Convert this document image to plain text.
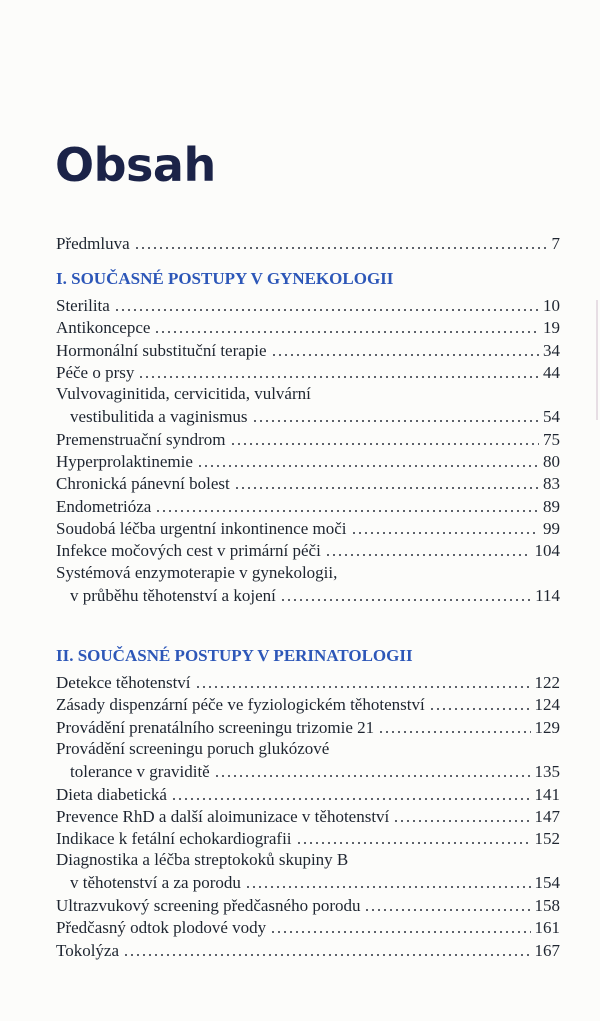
Obsah
Předmluva	7
I. SOUČASNÉ POSTUPY V GYNEKOLOGII
Sterilita	10
Antikoncepce	19
Hormonální substituční terapie	34
Péče o prsy	44
Vulvovaginitida, cervicitida, vulvární
vestibulitida a vaginismus	54
Premenstruační syndrom	75
Hyperprolaktinemie	80
Chronická pánevní bolest	83
Endometrióza	89
Soudobá léčba urgentní inkontinence moči	99
Infekce močových cest v primární péči	104
Systémová enzymoterapie v gynekologii,
v průběhu těhotenství a kojení	114
II. SOUČASNÉ POSTUPY V PERINATOLOGII
Detekce těhotenství	122
Zásady dispenzární péče ve fyziologickém těhotenství	124
Provádění prenatálního screeningu trizomie 21	129
Provádění screeningu poruch glukózové
tolerance v graviditě	135
Dieta diabetická	141
Prevence RhD a další aloimunizace v těhotenství	147
Indikace k fetální echokardiografii	152
Diagnostika a léčba streptokoků skupiny B
v těhotenství a za porodu	154
Ultrazvukový screening předčasného porodu	158
Předčasný odtok plodové vody	161
Tokolýza	167
